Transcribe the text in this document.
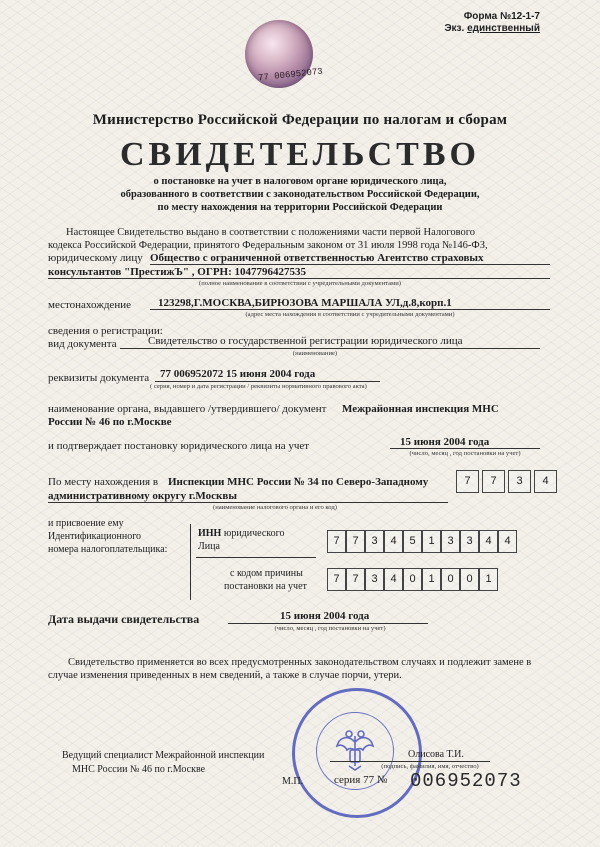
Форма №12-1-7
Экз. единственный
77 006952073
Министерство Российской Федерации по налогам и сборам
СВИДЕТЕЛЬСТВО
о постановке на учет в налоговом органе юридического лица,
образованного в соответствии с законодательством Российской Федерации,
по месту нахождения на территории Российской Федерации
Настоящее Свидетельство выдано в соответствии с положениями части первой Налогового
кодекса Российской Федерации, принятого Федеральным законом от 31 июля 1998 года №146-ФЗ,
юридическому лицу Общество с ограниченной ответственностью Агентство страховых
консультантов "ПрестижЪ" , ОГРН: 1047796427535
(полное наименование в соответствии с учредительными документами)
местонахождение 123298,Г.МОСКВА,БИРЮЗОВА МАРШАЛА УЛ,д.8,корп.1
(адрес места нахождения в соответствии с учредительными документами)
сведения о регистрации:
вид документа	Свидетельство о государственной регистрации юридического лица
(наименование)
реквизиты документа 77 006952072 15 июня 2004 года
( серия, номер и дата регистрации / реквизиты нормативного правового акта)
наименование органа, выдавшего /утвердившего/ документ Межрайонная инспекция МНС
России № 46 по г.Москве
и подтверждает постановку юридического лица на учет	15 июня 2004 года
(число, месяц , год постановки на учет)
По месту нахождения в Инспекции МНС России № 34 по Северо-Западному
административному округу г.Москвы
(наименование налогового органа и его код)
7	7	3	4
и присвоение ему
Идентификационного
номера налогоплательщика:
ИНН юридического
Лица	7	7	3	4	5	1	3	3	4	4
с кодом причины
постановки на учет
7	7	3	4	0	1	0	0	1
Дата выдачи свидетельства	15 июня 2004 года
(число, месяц , год постановки на учет)
Свидетельство применяется во всех предусмотренных законодательством случаях и подлежит замене в
случае изменения приведенных в нем сведений, а также в случае порчи, утери.
Ведущий специалист Межрайонной инспекции
МНС России № 46 по г.Москве
Олисова Т.И.
(подпись, фамилия, имя, отчество)
М.П.	серия 77 № 006952073
